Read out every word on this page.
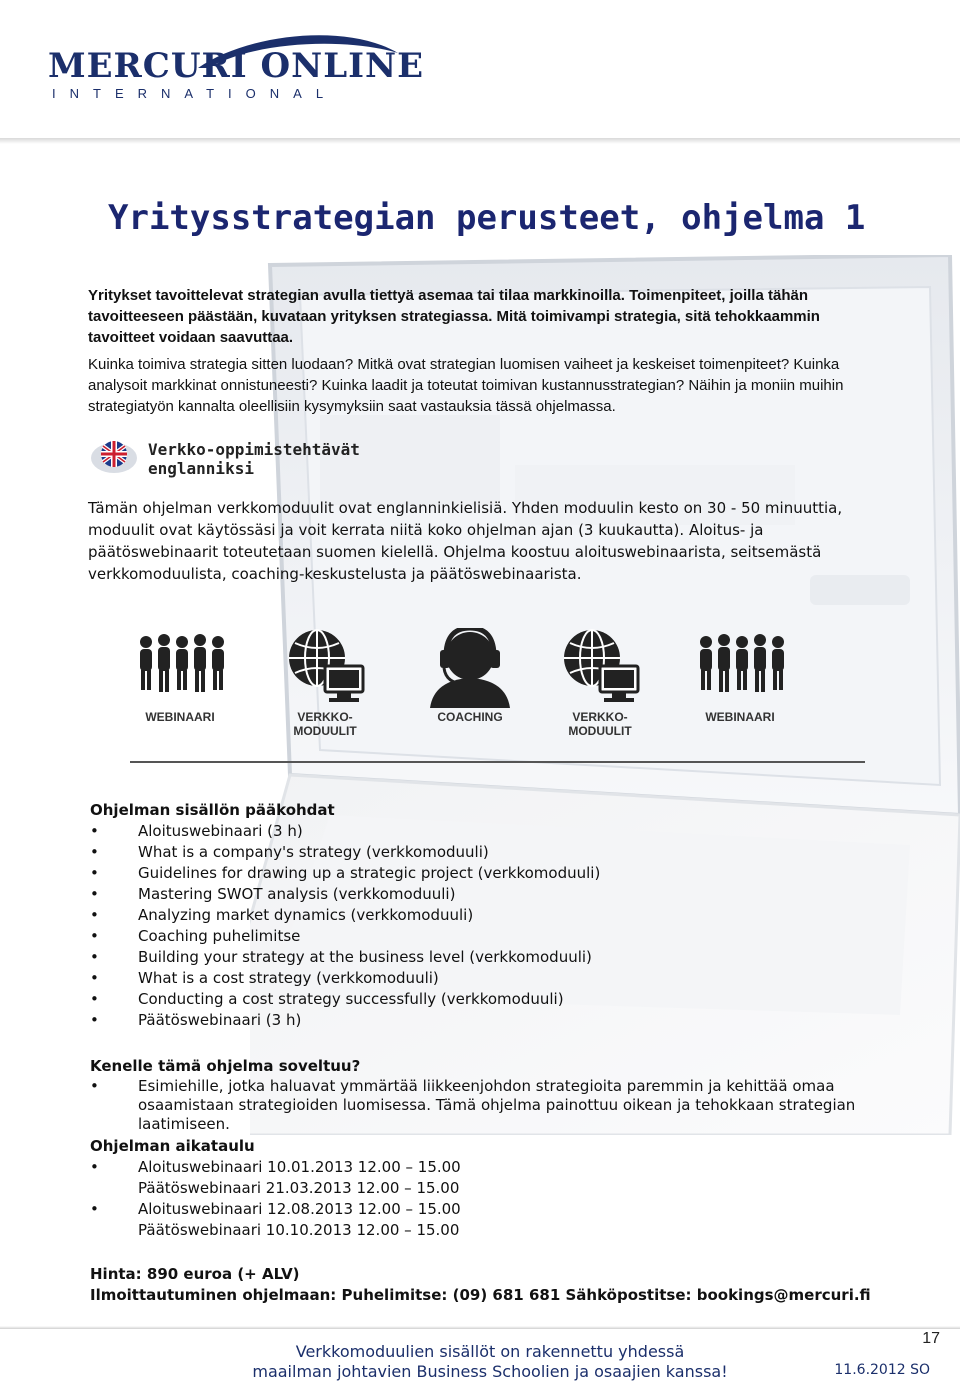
MERCURI ONLINE
INTERNATIONAL
Yritysstrategian perusteet, ohjelma 1

Yritykset tavoittelevat strategian avulla tiettyä asemaa tai tilaa markkinoilla. Toimenpiteet, joilla tähän tavoitteeseen päästään, kuvataan yrityksen strategiassa. Mitä toimivampi strategia, sitä tehokkaammin tavoitteet voidaan saavuttaa.

Kuinka toimiva strategia sitten luodaan? Mitkä ovat strategian luomisen vaiheet ja keskeiset toimenpiteet? Kuinka analysoit markkinat onnistuneesti? Kuinka laadit ja toteutat toimivan kustannusstrategian? Näihin ja moniin muihin strategiatyön kannalta oleellisiin kysymyksiin saat vastauksia tässä ohjelmassa.

Verkko-oppimistehtävät
englanniksi
Tämän ohjelman verkkomoduulit ovat englanninkielisiä. Yhden moduulin kesto on 30 - 50 minuuttia, moduulit ovat käytössäsi ja voit kerrata niitä koko ohjelman ajan (3 kuukautta). Aloitus- ja päätöswebinaarit toteutetaan suomen kielellä. Ohjelma koostuu aloituswebinaarista, seitsemästä verkkomoduulista, coaching-keskustelusta ja päätöswebinaarista.
WEBINAARI	VERKKO-
MODUULIT
COACHING	VERKKO-
MODUULIT
WEBINAARI
Ohjelman sisällön pääkohdat
•	Aloituswebinaari (3 h)
•	What is a company's strategy (verkkomoduuli)
•	Guidelines for drawing up a strategic project (verkkomoduuli)
•	Mastering SWOT analysis (verkkomoduuli)
•	Analyzing market dynamics (verkkomoduuli)
•	Coaching puhelimitse
•	Building your strategy at the business level (verkkomoduuli)
•	What is a cost strategy (verkkomoduuli)
•	Conducting a cost strategy successfully (verkkomoduuli)
•	Päätöswebinaari (3 h)
Kenelle tämä ohjelma soveltuu?
•	Esimiehille, jotka haluavat ymmärtää liikkeenjohdon strategioita paremmin ja kehittää omaa osaamistaan strategioiden luomisessa. Tämä ohjelma painottuu oikean ja tehokkaan strategian laatimiseen.
Ohjelman aikataulu
•	Aloituswebinaari 10.01.2013 12.00 – 15.00
Päätöswebinaari 21.03.2013 12.00 – 15.00
•	Aloituswebinaari 12.08.2013 12.00 – 15.00
Päätöswebinaari 10.10.2013 12.00 – 15.00
Hinta: 890 euroa (+ ALV)
Ilmoittautuminen ohjelmaan: Puhelimitse: (09) 681 681 Sähköpostitse: bookings@mercuri.fi
17
Verkkomoduulien sisällöt on rakennettu yhdessä
maailman johtavien Business Schoolien ja osaajien kanssa!	11.6.2012 SO
